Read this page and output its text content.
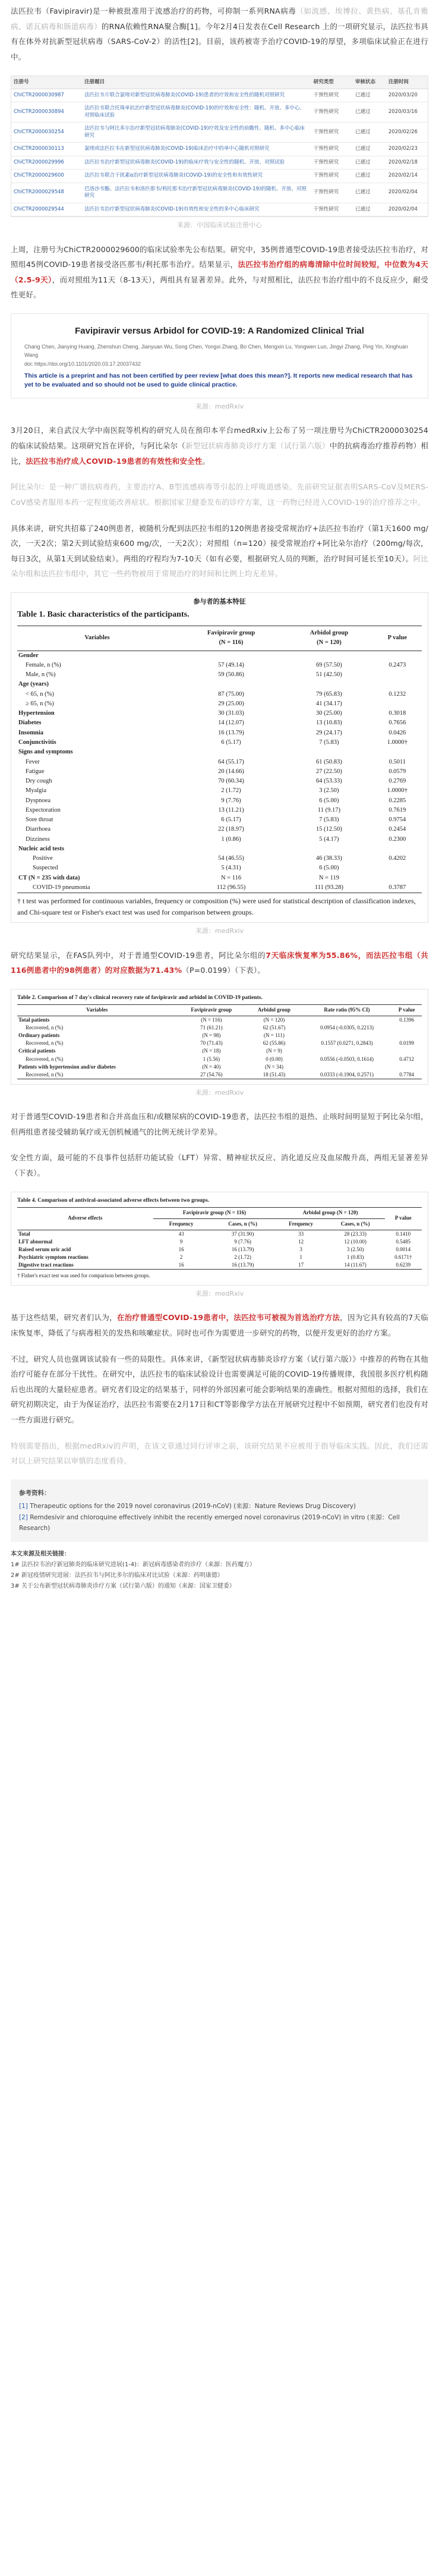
法匹拉韦（Favipiravir)是一种被批准用于流感治疗的药物，可抑制一系列RNA病毒（如流感、埃博拉、黄热病、基孔肯雅病、诺瓦病毒和肠道病毒）的RNA依赖性RNA聚合酶[1]。今年2月4日发表在Cell Research 上的一项研究显示，法匹拉韦具有在体外对抗新型冠状病毒（SARS-CoV-2）的活性[2]。目前，该药被寄予治疗COVID-19的厚望，多项临床试验正在进行中。

注册号	注册题目	研究类型	审核状态	注册时间
ChiCTR2000030987	法匹拉韦片联合氯喹对新型冠状病毒肺炎(COVID-19)患者的疗效和安全性的随机对照研究	干预性研究	已通过	2020/03/20
ChiCTR2000030894	法匹拉韦联合托珠单抗治疗新型冠状病毒肺炎(COVID-19)的疗效和安全性：随机、开放、多中心、对照临床试验	干预性研究	已通过	2020/03/16
ChiCTR2000030254	法匹拉韦与阿比多尔治疗新型冠状病毒肺炎(COVID-19)疗效及安全性的前瞻性、随机、多中心临床研究	干预性研究	已通过	2020/02/26
ChiCTR2000030113	氯喹或法匹拉韦在新型冠状病毒肺炎(COVID-19)临床治疗中的单中心随机对照研究	干预性研究	已通过	2020/02/23
ChiCTR2000029996	法匹拉韦治疗新型冠状病毒肺炎(COVID-19)的临床疗效与安全性的随机、开放、对照试验	干预性研究	已通过	2020/02/18
ChiCTR2000029600	法匹拉韦联合干扰素α治疗新型冠状病毒肺炎(COVID-19)的安全性和有效性研究	干预性研究	已通过	2020/02/14
ChiCTR2000029548	巴洛沙韦酯、法匹拉韦和洛匹那韦/利托那韦治疗新型冠状病毒肺炎(COVID-19)的随机、开放、对照研究	干预性研究	已通过	2020/02/04
ChiCTR2000029544	法匹拉韦治疗新型冠状病毒肺炎(COVID-19)有效性和安全性的多中心临床研究	干预性研究	已通过	2020/02/04
来源：中国临床试验注册中心

上周，注册号为ChiCTR2000029600的临床试验率先公布结果。研究中，35例普通型COVID-19患者接受法匹拉韦治疗，对照组45例COVID-19患者接受洛匹那韦/利托那韦治疗。结果显示，法匹拉韦治疗组的病毒清除中位时间较短，中位数为4天（2.5-9天），而对照组为11天（8-13天），两组具有显著差异。此外，与对照相比，法匹拉韦治疗组中的不良反应少，耐受性更好。

Favipiravir versus Arbidol for COVID-19: A Randomized Clinical Trial
Chang Chen, Jianying Huang, Zhenshun Cheng, Jianyuan Wu, Song Chen, Yongxi Zhang, Bo Chen, Mengxin Lu, Yongwen Luo, Jingyi Zhang, Ping Yin, Xinghuan Wang
doi: https://doi.org/10.1101/2020.03.17.20037432
This article is a preprint and has not been certified by peer review [what does this mean?]. It reports new medical research that has yet to be evaluated and so should not be used to guide clinical practice.
来源：medRxiv

3月20日，来自武汉大学中南医院等机构的研究人员在预印本平台medRxiv上公布了另一项注册号为ChiCTR2000030254的临床试验结果。这项研究旨在评价，与阿比朵尔（新型冠状病毒肺炎诊疗方案（试行第六版）中的抗病毒治疗推荐药物）相比，法匹拉韦治疗成人COVID-19患者的有效性和安全性。

阿比朵尔：是一种广谱抗病毒药，主要治疗A、B型流感病毒等引起的上呼吸道感染。先前研究证据表明SARS-CoV及MERS-CoV感染者服用本药一定程度能改善症状。根据国家卫健委发布的诊疗方案，这一药物已经进入COVID-19的治疗推荐之中。

具体来讲，研究共招募了240例患者，被随机分配到法匹拉韦组的120例患者接受常规治疗+法匹拉韦治疗（第1天1600 mg/次，一天2次；第2天到试验结束600 mg/次，一天2次）；对照组（n=120）接受常规治疗+阿比朵尔治疗（200mg/每次，每日3次，从第1天到试验结束）。两组的疗程均为7-10天（如有必要，根据研究人员的判断，治疗时间可延长至10天）。阿比朵尔组和法匹拉韦组中，其它一些药物被用于常规治疗的时间和比例上均无差异。

参与者的基本特征
Table 1. Basic characteristics of the participants.
Variables	Favipiravir group
(N = 116)	Arbidol group
(N = 120)	P value
Gender			
Female, n (%)	57 (49.14)	69 (57.50)	0.2473
Male, n (%)	59 (50.86)	51 (42.50)	
Age (years)			
< 65, n (%)	87 (75.00)	79 (65.83)	0.1232
≥ 65, n (%)	29 (25.00)	41 (34.17)	
Hypertension	30 (31.03)	30 (25.00)	0.3018
Diabetes	14 (12.07)	13 (10.83)	0.7656
Insomnia	16 (13.79)	29 (24.17)	0.0426
Conjunctivitis	6 (5.17)	7 (5.83)	1.0000†
Signs and symptoms			
Fever	64 (55.17)	61 (50.83)	0.5011
Fatigue	20 (14.66)	27 (22.50)	0.0579
Dry cough	70 (60.34)	64 (53.33)	0.2769
Myalgia	2 (1.72)	3 (2.50)	1.0000†
Dyspnoea	9 (7.76)	6 (5.00)	0.2285
Expectoration	13 (11.21)	11 (9.17)	0.7619
Sore throat	6 (5.17)	7 (5.83)	0.9754
Diarrhoea	22 (18.97)	15 (12.50)	0.2454
Dizziness	1 (0.86)	5 (4.17)	0.2300
Nucleic acid tests			
Positive	54 (46.55)	46 (38.33)	0.4202
Suspected	5 (4.31)	6 (5.00)	
CT (N = 235 with data)	N = 116	N = 119	
COVID-19 pneumonia	112 (96.55)	111 (93.28)	0.3787
† t test was performed for continuous variables, frequency or composition (%) were used for statistical description of classification indexes, and Chi-square test or Fisher's exact test was used for comparison between groups.
来源：medRxiv

研究结果显示，在FAS队列中，对于普通型COVID-19患者，阿比朵尔组的7天临床恢复率为55.86%，而法匹拉韦组（共116例患者中的98例患者）的对应数据为71.43%（P=0.0199）（下表）。

Table 2. Comparison of 7 day's clinical recovery rate of favipiravir and arbidol in COVID-19 patients.
Variables	Favipiravir group	Arbidol group	Rate ratio (95% CI)	P value
Total patients	(N = 116)	(N = 120)		0.1396
Recovered, n (%)	71 (61.21)	62 (51.67)	0.0954 (-0.0305, 0.2213)	
Ordinary patients	(N = 98)	(N = 111)		
Recovered, n (%)	70 (71.43)	62 (55.86)	0.1557 (0.0271, 0.2843)	0.0199
Critical patients	(N = 18)	(N = 9)		
Recovered, n (%)	1 (5.56)	0 (0.00)	0.0556 (-0.0503, 0.1614)	0.4712
Patients with hypertension and/or diabetes	(N = 40)	(N = 34)		
Recovered, n (%)	27 (54.76)	18 (51.43)	0.0333 (-0.1904, 0.2571)	0.7784
来源：medRxiv

对于普通型COVID-19患者和合并高血压和/或糖尿病的COVID-19患者，法匹拉韦组的退热、止咳时间明显短于阿比朵尔组，但两组患者接受辅助氧疗或无创机械通气的比例无统计学差异。

安全性方面，最可能的不良事件包括肝功能试验（LFT）异常、精神症状反应、消化道反应及血尿酸升高，两组无显著差异（下表）。

Table 4. Comparison of antiviral-associated adverse effects between two groups.
Adverse effects	Favipiravir group (N = 116)		Arbidol group (N = 120)		P value
	Frequency	Cases, n (%)	Frequency	Cases, n (%)	
Total	43	37 (31.90)	33	28 (23.33)	0.1410
LFT abnormal	9	9 (7.76)	12	12 (10.00)	0.5485
Raised serum uric acid	16	16 (13.79)	3	3 (2.50)	0.0014
Psychiatric symptom reactions	2	2 (1.72)	1	1 (0.83)	0.6171†
Digestive tract reactions	16	16 (13.79)	17	14 (11.67)	0.6239
† Fisher's exact test was used for comparison between groups.
来源：medRxiv

基于这些结果，研究者们认为，在治疗普通型COVID-19患者中，法匹拉韦可被视为首选治疗方法，因为它具有较高的7天临床恢复率，降低了与病毒相关的发热和咳嗽症状。同时也可作为需要进一步研究的药物，以便开发更好的治疗方案。

不过，研究人员也强调该试验有一些的局限性。具体来讲，《新型冠状病毒肺炎诊疗方案（试行第六版）》中推荐的药物在其他治疗可能存在部分干扰性。在研究中，法匹拉韦的临床试验设计也需要满足可能的COVID-19传播规律，我国很多医疗机构随后也出现的大量轻症患者。研究者们设定的结果基于，同样的外部因素可能会影响结果的准确性。根据对照组的选择，我们在研究初期决定，由于为保证治疗，法匹拉韦需要在2月17日和CT等影像学方法在开展研究过程中不如预期，研究者们也没有对一些方面进行研究。

特别需要指出，根据medRxiv的声明，在该文章通过同行评审之前，该研究结果不应被用于指导临床实践。因此，我们还需对以上研究结果以审慎的态度看待。

参考资料：
[1] Therapeutic options for the 2019 novel coronavirus (2019-nCoV) (来源：Nature Reviews Drug Discovery)
[2] Remdesivir and chloroquine effectively inhibit the recently emerged novel coronavirus (2019-nCoV) in vitro (来源：Cell Research)
本文来源及相关链接：
1# 法匹拉韦治疗新冠肺炎的临床研究进展(1-4)：新冠病毒感染者的诊疗（来源：医药魔方）
2# 新冠疫情研究进展：法匹拉韦与阿比多尔的临床对比试验（来源：药明康德）
3# 关于公布新型冠状病毒肺炎诊疗方案（试行第六版）的通知（来源：国家卫健委）
